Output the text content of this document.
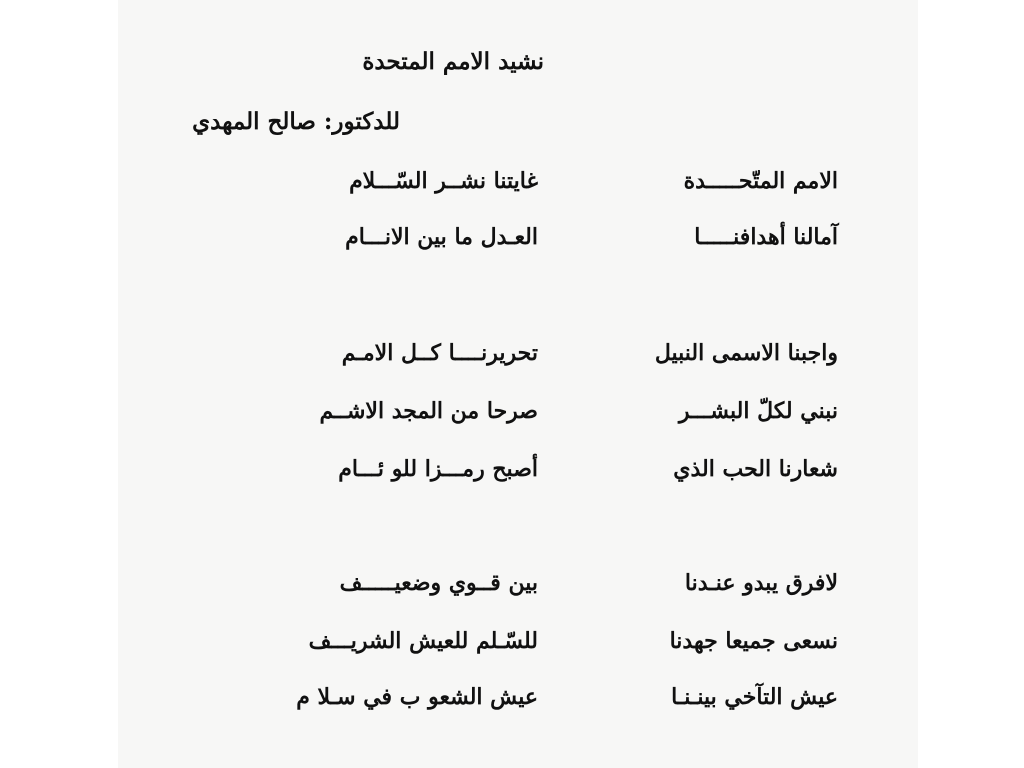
نشيد الامم المتحدة
للدكتور: صالح المهدي
الامم المتّحـــــدة
غايتنا نشــر السّـــلام
آمالنا أهدافنـــــا
العـدل ما بين الانـــام
واجبنا الاسمى النبيل
تحريرنــــا كــل الامـم
نبني لكلّ البشـــر
صرحا من المجد الاشــم
شعارنا الحب الذي
أصبح رمـــزا للو ئـــام
لافرق يبدو عنـدنا
بين قــوي وضعيـــــف
نسعى جميعا جهدنا
للسّـلم للعيش الشريـــف
عيش التآخي بينـنـا
عيش الشعو ب في سـلا م
